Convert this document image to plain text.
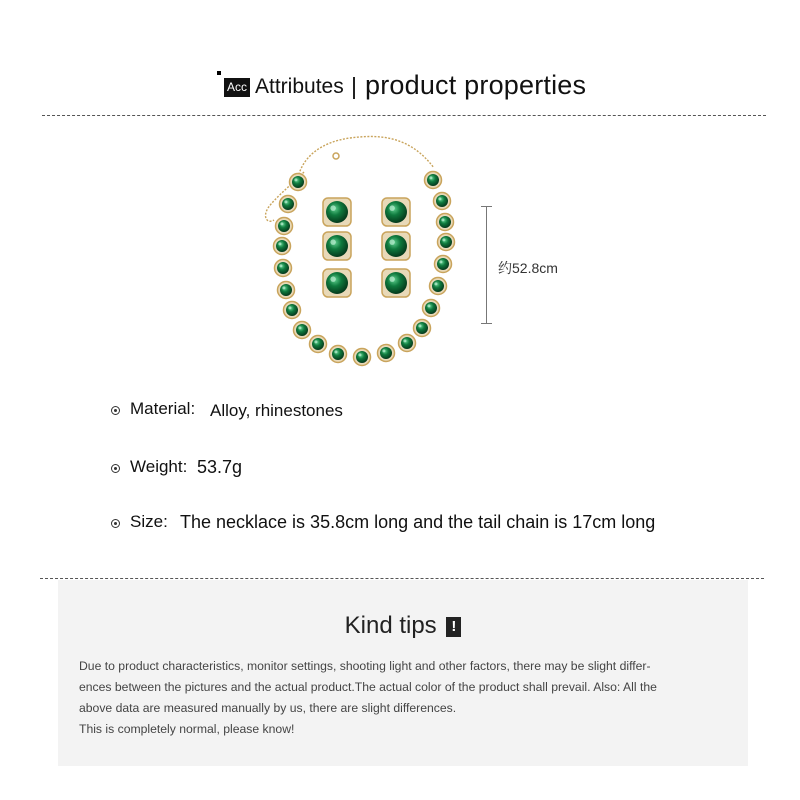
Acc Attributes product properties
约52.8cm
Material: Alloy, rhinestones
Weight: 53.7g
Size: The necklace is 35.8cm long and the tail chain is 17cm long
Kind tips !

Due to product characteristics, monitor settings, shooting light and other factors, there may be slight differ-

ences between the pictures and the actual product.The actual color of the product shall prevail. Also: All the

above data are measured manually by us, there are slight differences.

This is completely normal, please know!
